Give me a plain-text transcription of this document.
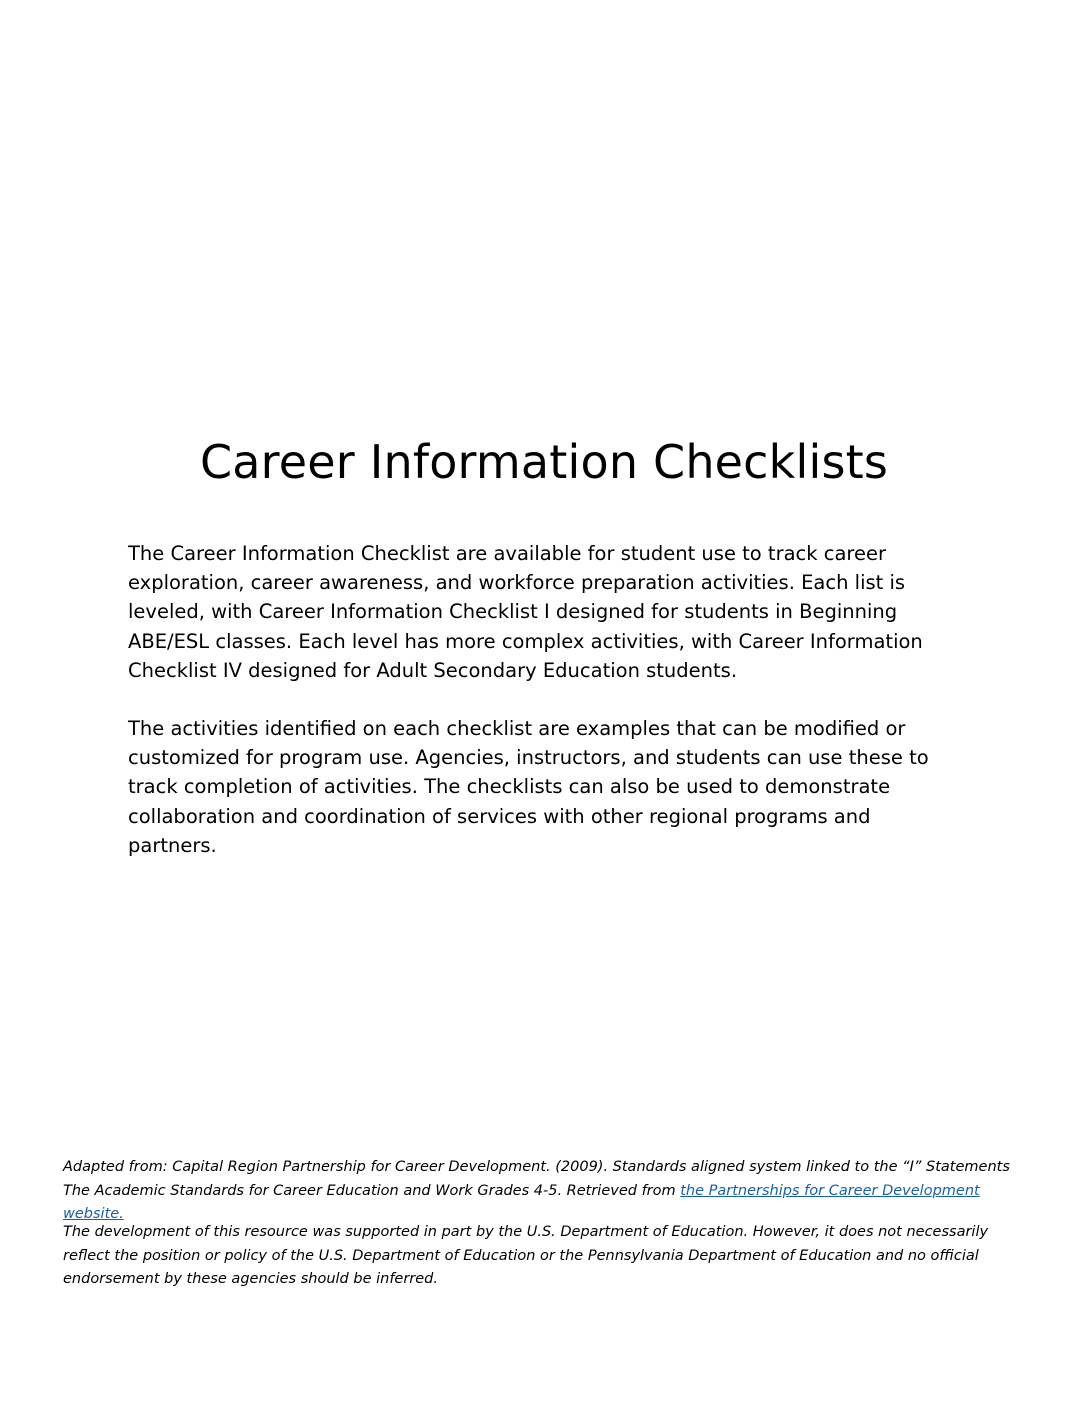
Career Information Checklists

The Career Information Checklist are available for student use to track career
exploration, career awareness, and workforce preparation activities. Each list is
leveled, with Career Information Checklist I designed for students in Beginning
ABE/ESL classes. Each level has more complex activities, with Career Information
Checklist IV designed for Adult Secondary Education students.

The activities identified on each checklist are examples that can be modified or
customized for program use. Agencies, instructors, and students can use these to
track completion of activities. The checklists can also be used to demonstrate
collaboration and coordination of services with other regional programs and
partners.

Adapted from: Capital Region Partnership for Career Development. (2009). Standards aligned system linked to the “I” Statements The Academic Standards for Career Education and Work Grades 4-5. Retrieved from the Partnerships for Career Development website.

The development of this resource was supported in part by the U.S. Department of Education. However, it does not necessarily reflect the position or policy of the U.S. Department of Education or the Pennsylvania Department of Education and no official endorsement by these agencies should be inferred.
